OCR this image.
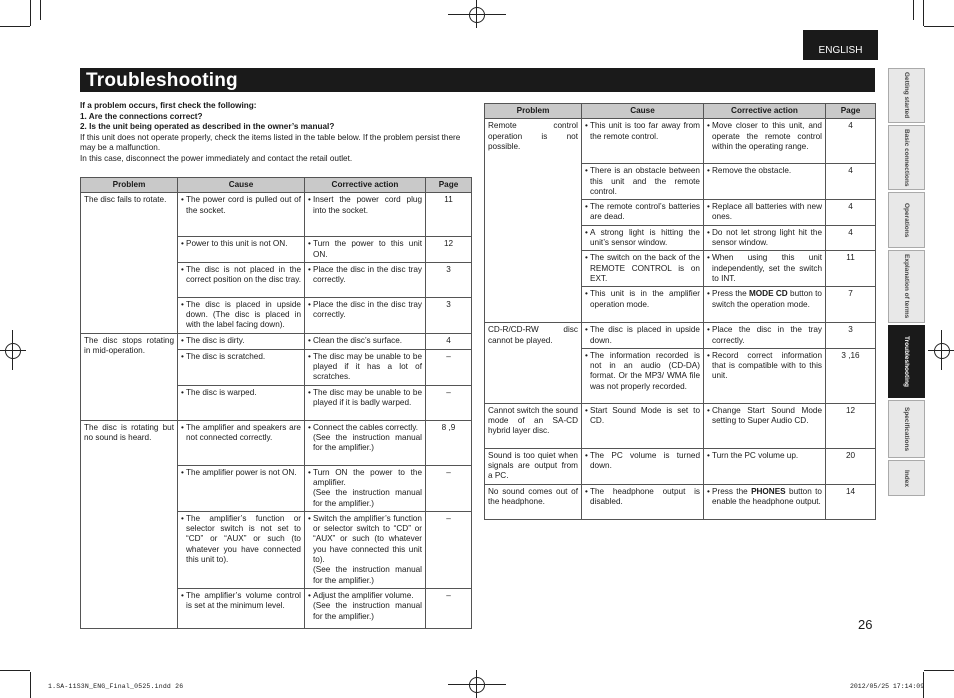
ENGLISH
Troubleshooting
If a problem occurs, first check the following:
1. Are the connections correct?
2. Is the unit being operated as described in the owner’s manual?
If this unit does not operate properly, check the items listed in the table below. If the problem persist there may be a malfunction.
In this case, disconnect the power immediately and contact the retail outlet.
Problem	Cause	Corrective action	Page
The disc fails to rotate.	• The power cord is pulled out of the socket.	• Insert the power cord plug into the socket.	11

	• Power to this unit is not ON.	• Turn the power to this unit ON.	12

	• The disc is not placed in the correct position on the disc tray.	• Place the disc in the disc tray correctly.	3

	• The disc is placed in upside down. (The disc is placed in with the label facing down).	• Place the disc in the disc tray correctly.	3
The disc stops rotating in mid-operation.	• The disc is dirty.	• Clean the disc’s surface.	4

	• The disc is scratched.	• The disc may be unable to be played if it has a lot of scratches.	–

	• The disc is warped.	• The disc may be unable to be played if it is badly warped.	–
The disc is rotating but no sound is heard.	• The amplifier and speakers are not connected correctly.	• Connect the cables correctly.
(See the instruction manual for the amplifier.)	8 ,9

	• The amplifier power is not ON.	• Turn ON the power to the amplifier.
(See the instruction manual for the amplifier.)	–

	• The amplifier’s function or selector switch is not set to “CD” or “AUX” or such (to whatever you have connected this unit to).	• Switch the amplifier’s function or selector switch to “CD” or “AUX” or such (to whatever you have connected this unit to).
(See the instruction manual for the amplifier.)	–

	• The amplifier’s volume control is set at the minimum level.	• Adjust the amplifier volume.
(See the instruction manual for the amplifier.)	–
Problem	Cause	Corrective action	Page
Remote control operation is not possible.	• This unit is too far away from the remote control.	• Move closer to this unit, and operate the remote control within the operating range.	4

	• There is an obstacle between this unit and the remote control.	• Remove the obstacle.	4

	• The remote control’s batteries are dead.	• Replace all batteries with new ones.	4

	• A strong light is hitting the unit’s sensor window.	• Do not let strong light hit the sensor window.	4

	• The switch on the back of the REMOTE CONTROL is on EXT.	• When using this unit independently, set the switch to INT.	11

	• This unit is in the amplifier operation mode.	• Press the MODE CD button to switch the operation mode.	7
CD-R/CD-RW disc cannot be played.	• The disc is placed in upside down.	• Place the disc in the tray correctly.	3

	• The information recorded is not in an audio (CD-DA) format. Or the MP3/ WMA file was not properly recorded.	• Record correct information that is compatible with to this unit.	3 ,16
Cannot switch the sound mode of an SA-CD hybrid layer disc.	• Start Sound Mode is set to CD.	• Change Start Sound Mode setting to Super Audio CD.	12
Sound is too quiet when signals are output from a PC.	• The PC volume is turned down.	• Turn the PC volume up.	20
No sound comes out of the headphone.	• The headphone output is disabled.	• Press the PHONES button to enable the headphone output.	14
Getting started
Basic connections
Operations
Explanation of terms
Troubleshooting
Specifications
Index
26
1.SA-11S3N_ENG_Final_0525.indd 26	2012/05/25 17:14:09
